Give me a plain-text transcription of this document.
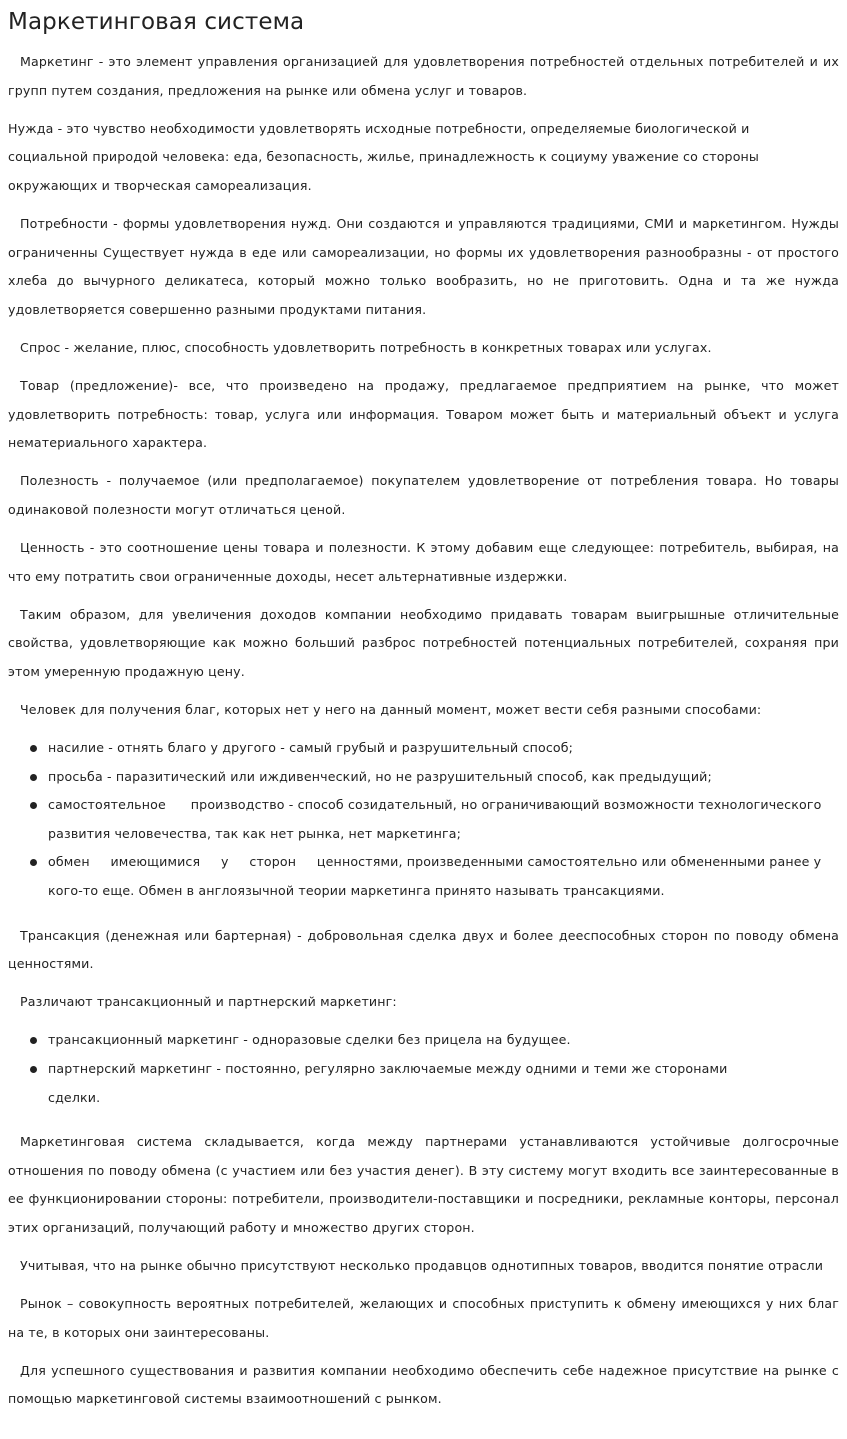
Маркетинговая система

Маркетинг - это элемент управления организацией для удовлетворения потребностей отдельных потребителей и их групп путем создания, предложения на рынке или обмена услуг и товаров.

Нужда - это чувство необходимости удовлетворять исходные потребности, определяемые биологической и социальной природой человека: еда, безопасность, жилье, принадлежность к социуму уважение со стороны окружающих и творческая самореализация.

Потребности - формы удовлетворения нужд. Они создаются и управляются традициями, СМИ и маркетингом. Нужды ограниченны Существует нужда в еде или самореализации, но формы их удовлетворения разнообразны - от простого хлеба до вычурного деликатеса, который можно только вообразить, но не приготовить. Одна и та же нужда удовлетворяется совершенно разными продуктами питания.

Спрос - желание, плюс, способность удовлетворить потребность в конкретных товарах или услугах.

Товар (предложение)- все, что произведено на продажу, предлагаемое предприятием на рынке, что может удовлетворить потребность: товар, услуга или информация. Товаром может быть и материальный объект и услуга нематериального характера.

Полезность - получаемое (или предполагаемое) покупателем удовлетворение от потребления товара. Но товары одинаковой полезности могут отличаться ценой.

Ценность - это соотношение цены товара и полезности. К этому добавим еще следующее: потребитель, выбирая, на что ему потратить свои ограниченные доходы, несет альтернативные издержки.

Таким образом, для увеличения доходов компании необходимо придавать товарам выигрышные отличительные свойства, удовлетворяющие как можно больший разброс потребностей потенциальных потребителей, сохраняя при этом умеренную продажную цену.

Человек для получения благ, которых нет у него на данный момент, может вести себя разными способами:

насилие - отнять благо у другого - самый грубый и разрушительный способ;
просьба - паразитический или иждивенческий, но не разрушительный способ, как предыдущий;
самостоятельное      производство - способ созидательный, но ограничивающий возможности технологического развития человечества, так как нет рынка, нет маркетинга;
обмен     имеющимися     у     сторон     ценностями, произведенными самостоятельно или обмененными ранее у кого-то еще. Обмен в англоязычной теории маркетинга принято называть трансакциями.

Трансакция (денежная или бартерная) - добровольная сделка двух и более дееспособных сторон по поводу обмена ценностями.

Различают трансакционный и партнерский маркетинг:

трансакционный маркетинг - одноразовые сделки без прицела на будущее.
партнерский маркетинг - постоянно, регулярно заключаемые между одними и теми же сторонами сделки.

Маркетинговая система складывается, когда между партнерами устанавливаются устойчивые долгосрочные отношения по поводу обмена (с участием или без участия денег). В эту систему могут входить все заинтересованные в ее функционировании стороны: потребители, производители-поставщики и посредники, рекламные конторы, персонал этих организаций, получающий работу и множество других сторон.

Учитывая, что на рынке обычно присутствуют несколько продавцов однотипных товаров, вводится понятие отрасли

Рынок – совокупность вероятных потребителей, желающих и способных приступить к обмену имеющихся у них благ на те, в которых они заинтересованы.

Для успешного существования и развития компании необходимо обеспечить себе надежное присутствие на рынке с помощью маркетинговой системы взаимоотношений с рынком.
